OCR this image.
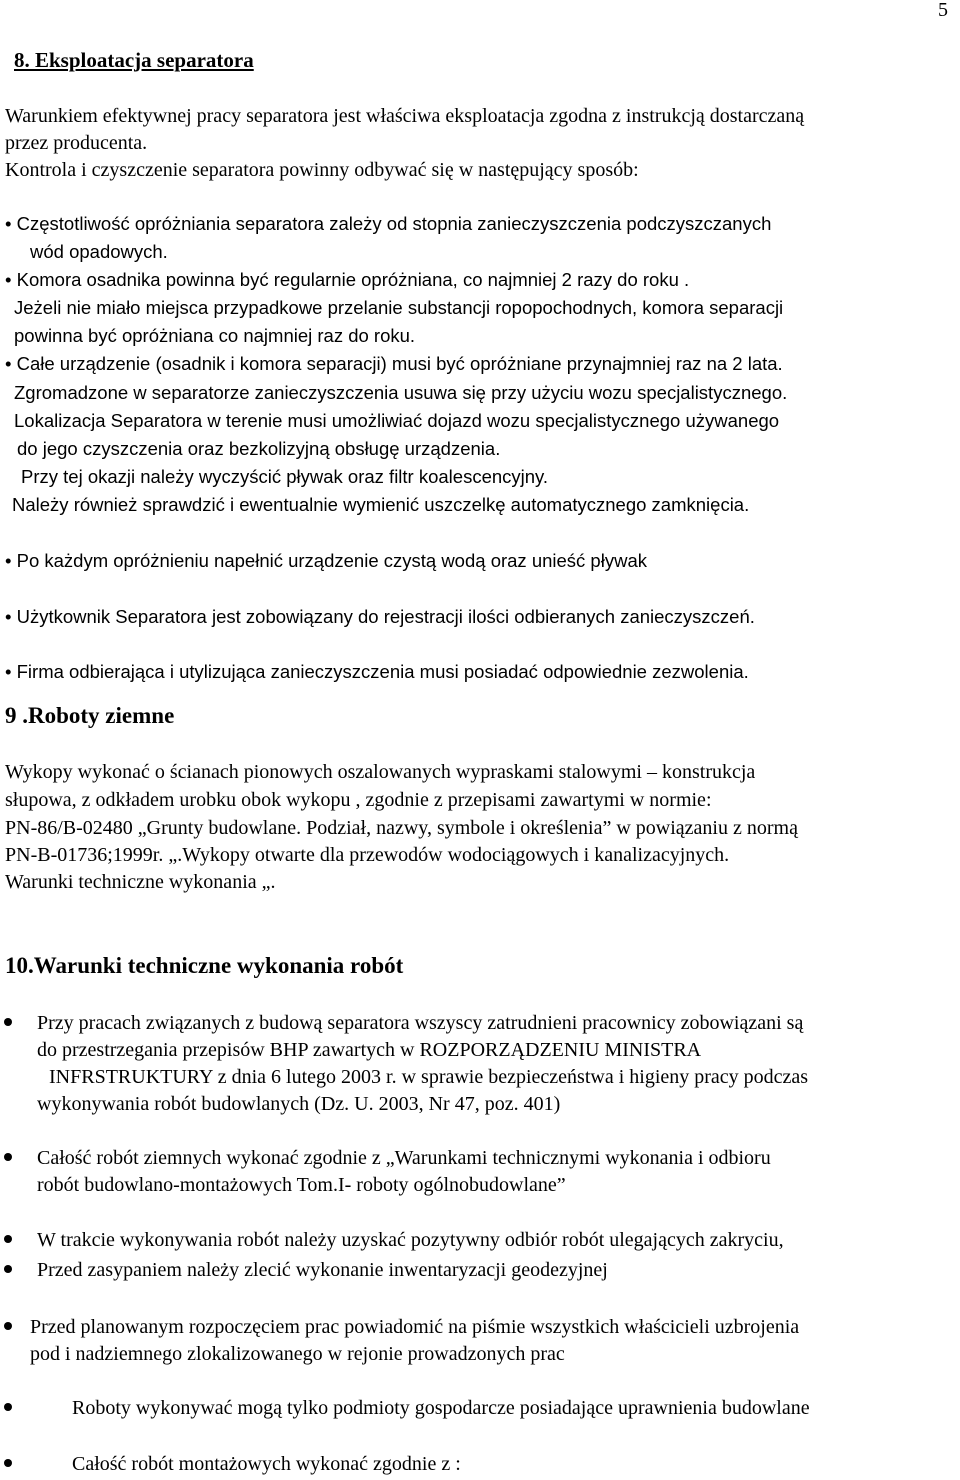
5
8. Eksploatacja separatora
Warunkiem efektywnej pracy separatora jest właściwa eksploatacja zgodna z instrukcją dostarczaną
przez producenta.
Kontrola i czyszczenie separatora powinny odbywać się w następujący sposób:
• Częstotliwość opróżniania separatora zależy od stopnia zanieczyszczenia podczyszczanych
wód opadowych.
• Komora osadnika powinna być regularnie opróżniana, co najmniej 2 razy do roku .
Jeżeli nie miało miejsca przypadkowe przelanie substancji ropopochodnych, komora separacji
powinna być opróżniana co najmniej raz do roku.
• Całe urządzenie (osadnik i komora separacji) musi być opróżniane przynajmniej raz na 2 lata.
Zgromadzone w separatorze zanieczyszczenia usuwa się przy użyciu wozu specjalistycznego.
Lokalizacja Separatora w terenie musi umożliwiać dojazd wozu specjalistycznego używanego
do jego czyszczenia oraz bezkolizyjną obsługę urządzenia.
Przy tej okazji należy wyczyścić pływak oraz filtr koalescencyjny.
Należy również sprawdzić i ewentualnie wymienić uszczelkę automatycznego zamknięcia.
• Po każdym opróżnieniu napełnić urządzenie czystą wodą oraz unieść pływak
• Użytkownik Separatora jest zobowiązany do rejestracji ilości odbieranych zanieczyszczeń.
• Firma odbierająca i utylizująca zanieczyszczenia musi posiadać odpowiednie zezwolenia.
9 .Roboty ziemne
Wykopy wykonać o ścianach pionowych oszalowanych wypraskami stalowymi – konstrukcja
słupowa, z odkładem urobku obok wykopu , zgodnie z przepisami zawartymi w normie:
PN-86/B-02480 „Grunty budowlane. Podział, nazwy, symbole i określenia” w powiązaniu z normą
PN-B-01736;1999r. „.Wykopy otwarte dla przewodów wodociągowych i kanalizacyjnych.
Warunki techniczne wykonania „.
10.Warunki techniczne wykonania robót
Przy pracach związanych z budową separatora wszyscy zatrudnieni pracownicy zobowiązani są
do przestrzegania przepisów BHP zawartych w ROZPORZĄDZENIU MINISTRA
INFRSTRUKTURY z dnia 6 lutego 2003 r. w sprawie bezpieczeństwa i higieny pracy podczas
wykonywania robót budowlanych (Dz. U. 2003, Nr 47, poz. 401)
Całość robót ziemnych wykonać zgodnie z „Warunkami technicznymi wykonania i odbioru
robót budowlano-montażowych Tom.I- roboty ogólnobudowlane”
W trakcie wykonywania robót należy uzyskać pozytywny odbiór robót ulegających zakryciu,
Przed zasypaniem należy zlecić wykonanie inwentaryzacji geodezyjnej
Przed planowanym rozpoczęciem prac powiadomić na piśmie wszystkich właścicieli uzbrojenia
pod i nadziemnego zlokalizowanego w rejonie prowadzonych prac
Roboty wykonywać mogą tylko podmioty gospodarcze posiadające uprawnienia budowlane
Całość robót montażowych wykonać zgodnie z :
